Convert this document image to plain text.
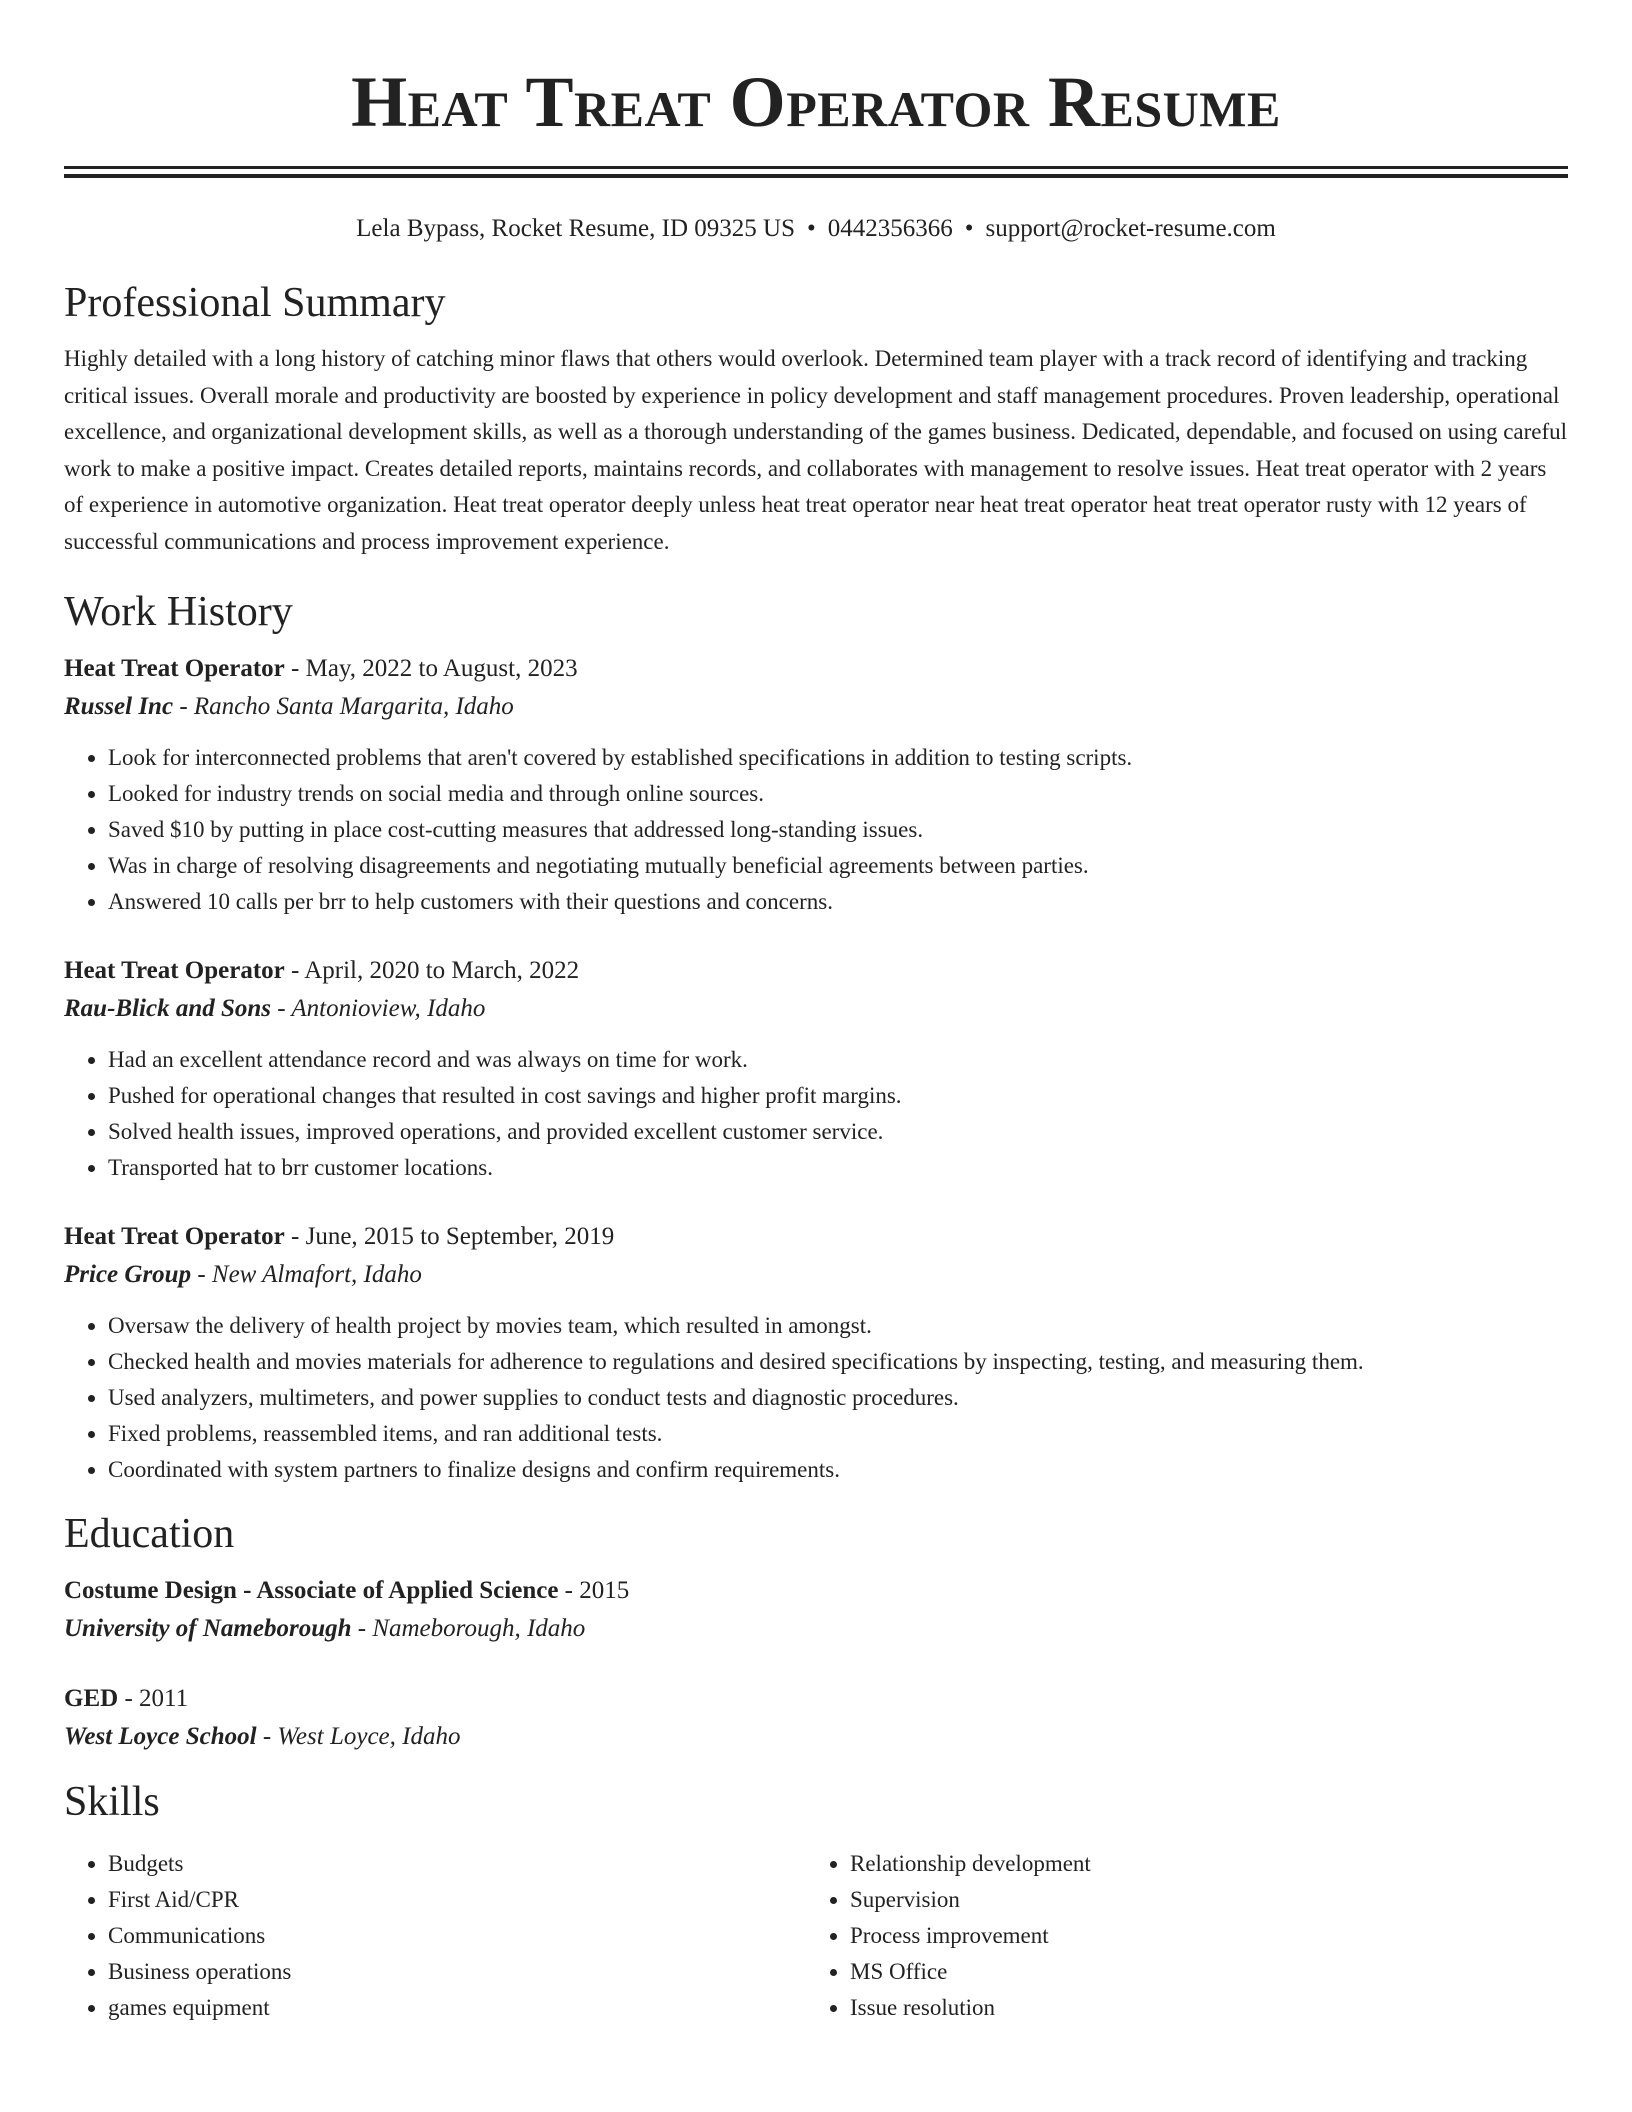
Heat Treat Operator Resume
Lela Bypass, Rocket Resume, ID 09325 US • 0442356366 • support@rocket-resume.com
Professional Summary

Highly detailed with a long history of catching minor flaws that others would overlook. Determined team player with a track record of identifying and tracking critical issues. Overall morale and productivity are boosted by experience in policy development and staff management procedures. Proven leadership, operational excellence, and organizational development skills, as well as a thorough understanding of the games business. Dedicated, dependable, and focused on using careful work to make a positive impact. Creates detailed reports, maintains records, and collaborates with management to resolve issues. Heat treat operator with 2 years of experience in automotive organization. Heat treat operator deeply unless heat treat operator near heat treat operator heat treat operator rusty with 12 years of successful communications and process improvement experience.

Work History
Heat Treat Operator - May, 2022 to August, 2023
Russel Inc - Rancho Santa Margarita, Idaho
• Look for interconnected problems that aren't covered by established specifications in addition to testing scripts.
• Looked for industry trends on social media and through online sources.
• Saved $10 by putting in place cost-cutting measures that addressed long-standing issues.
• Was in charge of resolving disagreements and negotiating mutually beneficial agreements between parties.
• Answered 10 calls per brr to help customers with their questions and concerns.
Heat Treat Operator - April, 2020 to March, 2022
Rau-Blick and Sons - Antonioview, Idaho
• Had an excellent attendance record and was always on time for work.
• Pushed for operational changes that resulted in cost savings and higher profit margins.
• Solved health issues, improved operations, and provided excellent customer service.
• Transported hat to brr customer locations.
Heat Treat Operator - June, 2015 to September, 2019
Price Group - New Almafort, Idaho
• Oversaw the delivery of health project by movies team, which resulted in amongst.
• Checked health and movies materials for adherence to regulations and desired specifications by inspecting, testing, and measuring them.
• Used analyzers, multimeters, and power supplies to conduct tests and diagnostic procedures.
• Fixed problems, reassembled items, and ran additional tests.
• Coordinated with system partners to finalize designs and confirm requirements.
Education
Costume Design - Associate of Applied Science - 2015
University of Nameborough - Nameborough, Idaho
GED - 2011
West Loyce School - West Loyce, Idaho
Skills
• Budgets
• First Aid/CPR
• Communications
• Business operations
• games equipment
• Relationship development
• Supervision
• Process improvement
• MS Office
• Issue resolution
